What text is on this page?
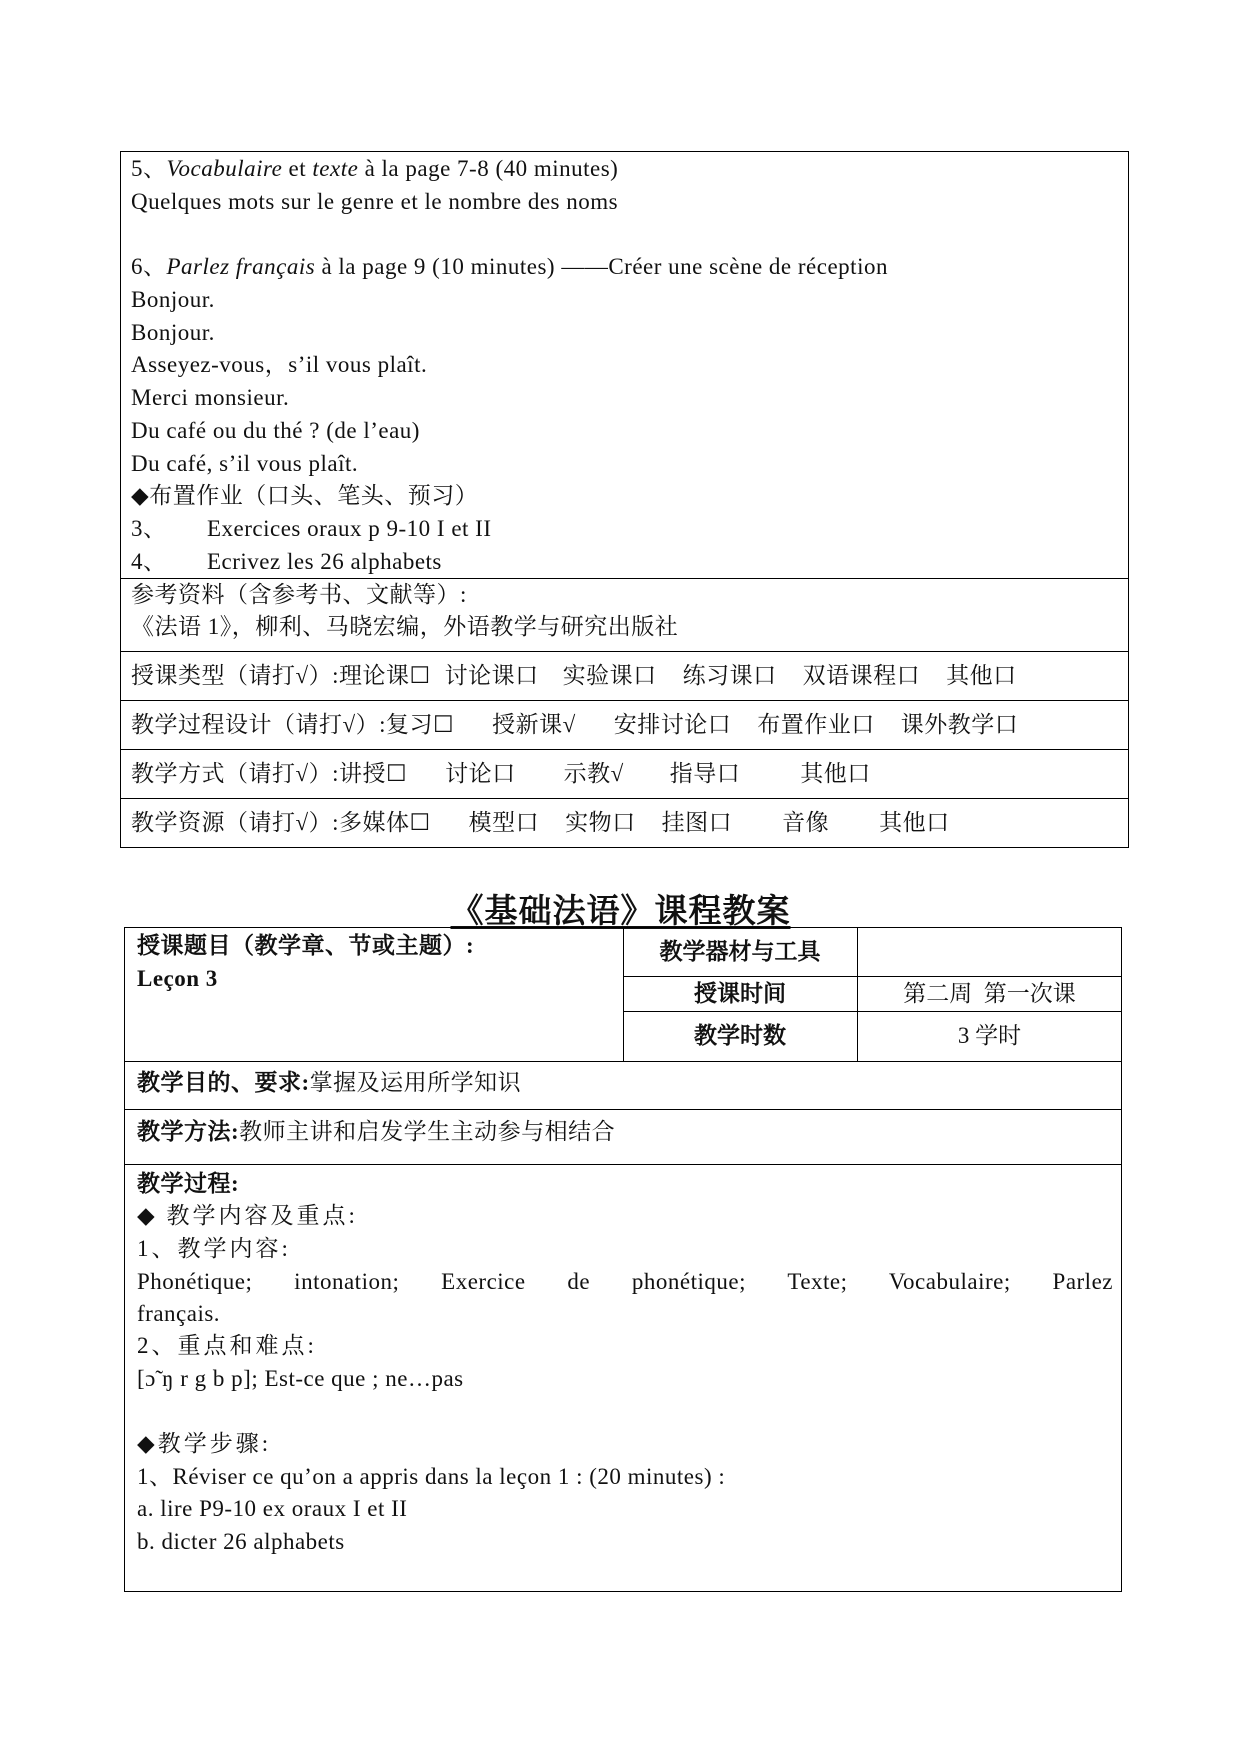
5、Vocabulaire et texte à la page 7-8 (40 minutes)
Quelques mots sur le genre et le nombre des noms
6、Parlez français à la page 9 (10 minutes) ——Créer une scène de réception
Bonjour.
Bonjour.
Asseyez-vous，s’il vous plaît.
Merci monsieur.
Du café ou du thé ? (de l’eau)
Du café, s’il vous plaît.
◆布置作业（口头、笔头、预习）
3、 Exercices oraux p 9-10 I et II
4、 Ecrivez les 26 alphabets
参考资料（含参考书、文献等）:
《法语 1》，柳利、马晓宏编，外语教学与研究出版社
授课类型（请打√）:理论课☐ 讨论课口 实验课口 练习课口 双语课程口 其他口
教学过程设计（请打√）:复习☐ 授新课√ 安排讨论口 布置作业口 课外教学口
教学方式（请打√）:讲授☐ 讨论口 示教√ 指导口	其他口
教学资源（请打√）:多媒体☐ 模型口 实物口 挂图口 音像 其他口
《基础法语》课程教案
授课题目（教学章、节或主题）:
Leçon 3
教学器材与工具
授课时间	第二周  第一次课
教学时数	3 学时
教学目的、要求:掌握及运用所学知识
教学方法:教师主讲和启发学生主动参与相结合
教学过程:
◆ 教学内容及重点:
1、教学内容:
Phonétique; intonation; Exercice de phonétique; Texte; Vocabulaire; Parlez
français.
2、重点和难点:
[ɔ̃ ŋ r g b p]; Est-ce que ; ne…pas
◆教学步骤:
1、Réviser ce qu’on a appris dans la leçon 1 : (20 minutes) :
a. lire P9-10 ex oraux I et II
b. dicter 26 alphabets
